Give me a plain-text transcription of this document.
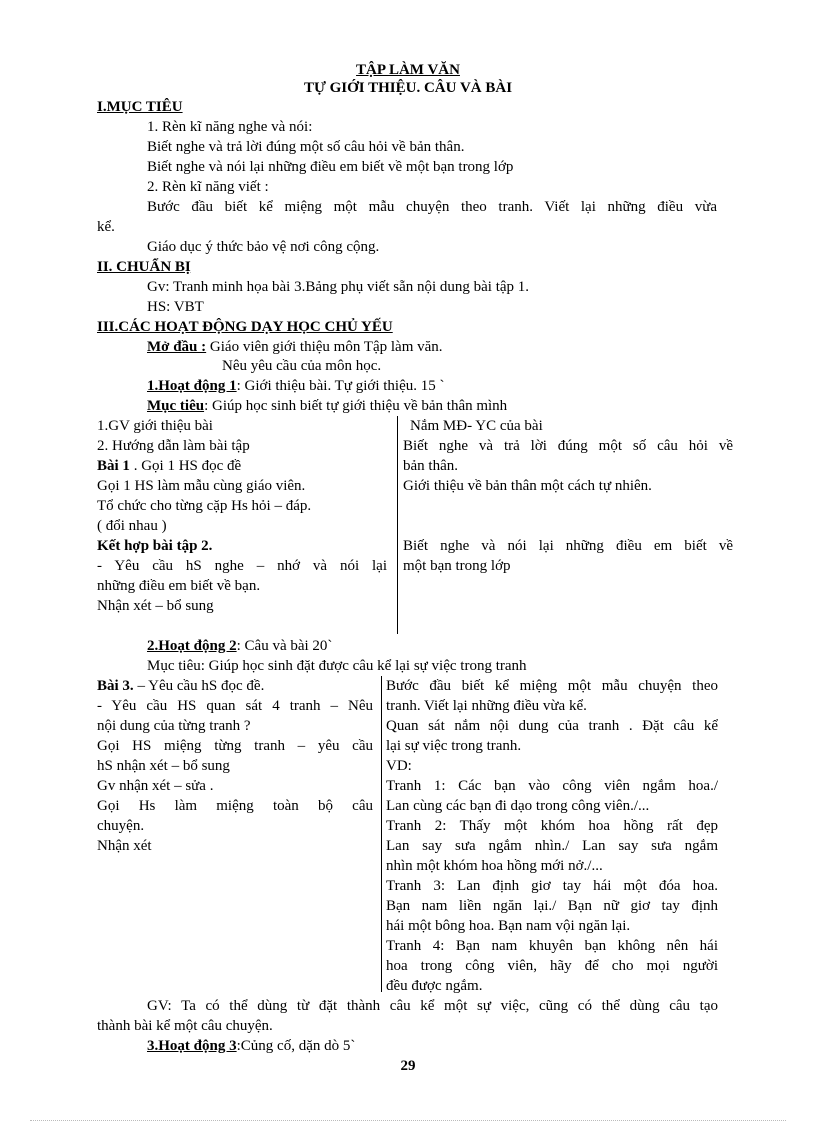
TẬP LÀM VĂN
TỰ GIỚI THIỆU. CÂU VÀ BÀI
I.MỤC TIÊU
1. Rèn kĩ năng nghe và nói:
Biết nghe và trả lời đúng một số câu hỏi về bản thân.
Biết nghe và nói lại những điều em biết về một bạn trong lớp
2. Rèn kĩ năng viết :
Bước đầu biết kể miệng một mẫu chuyện theo tranh. Viết lại những điều vừa
kể.
Giáo dục ý thức bảo vệ nơi công cộng.
II. CHUẨN BỊ
Gv: Tranh minh họa bài 3.Bảng phụ viết sẵn nội dung bài tập 1.
HS: VBT
III.CÁC HOẠT ĐỘNG DẠY HỌC CHỦ YẾU
Mở đầu : Giáo viên giới thiệu môn Tập làm văn.
Nêu yêu cầu của môn học.
1.Hoạt động 1: Giới thiệu bài. Tự giới thiệu. 15 `
Mục tiêu: Giúp học sinh biết tự giới thiệu về bản thân mình
1.GV giới thiệu bài
2. Hướng dẫn làm bài tập
Bài 1 . Gọi 1 HS đọc đề
Gọi 1 HS làm mẫu cùng giáo viên.
Tổ chức cho từng cặp Hs hỏi – đáp.
( đổi nhau )
Kết hợp bài tập 2.
- Yêu cầu hS nghe – nhớ và nói lại
những điều em biết về bạn.
Nhận xét – bổ sung
Nắm MĐ- YC của bài
Biết nghe và trả lời đúng một số câu hỏi về
bản thân.
Giới thiệu về bản thân một cách tự nhiên.
Biết nghe và nói lại những điều em biết về
một bạn trong lớp
2.Hoạt động 2: Câu và bài 20`
Mục tiêu: Giúp học sinh đặt được câu kể lại sự việc trong tranh
Bài 3. – Yêu cầu hS đọc đề.
- Yêu cầu HS quan sát 4 tranh – Nêu
nội dung của từng tranh ?
Gọi HS miệng từng tranh – yêu cầu
hS nhận xét – bổ sung
Gv nhận xét – sửa .
Gọi Hs làm miệng toàn bộ câu
chuyện.
Nhận xét
Bước đầu biết kể miệng một mẫu chuyện theo
tranh. Viết lại những điều vừa kể.
Quan sát nắm nội dung của tranh . Đặt câu kể
lại sự việc trong tranh.
VD:
Tranh 1: Các bạn vào công viên ngắm hoa./
Lan cùng các bạn đi dạo trong công viên./...
Tranh 2: Thấy một khóm hoa hồng rất đẹp
Lan say sưa ngắm nhìn./ Lan say sưa ngắm
nhìn một khóm hoa hồng mới nở./...
Tranh 3: Lan định giơ tay hái một đóa hoa.
Bạn nam liền ngăn lại./ Bạn nữ giơ tay định
hái một bông hoa. Bạn nam vội ngăn lại.
Tranh 4: Bạn nam khuyên bạn không nên hái
hoa trong công viên, hãy để cho mọi người
đều được ngắm.
GV: Ta có thể dùng từ đặt thành câu kể một sự việc, cũng có thể dùng câu tạo
thành bài kể một câu chuyện.
3.Hoạt động 3:Củng cố, dặn dò 5`
29
